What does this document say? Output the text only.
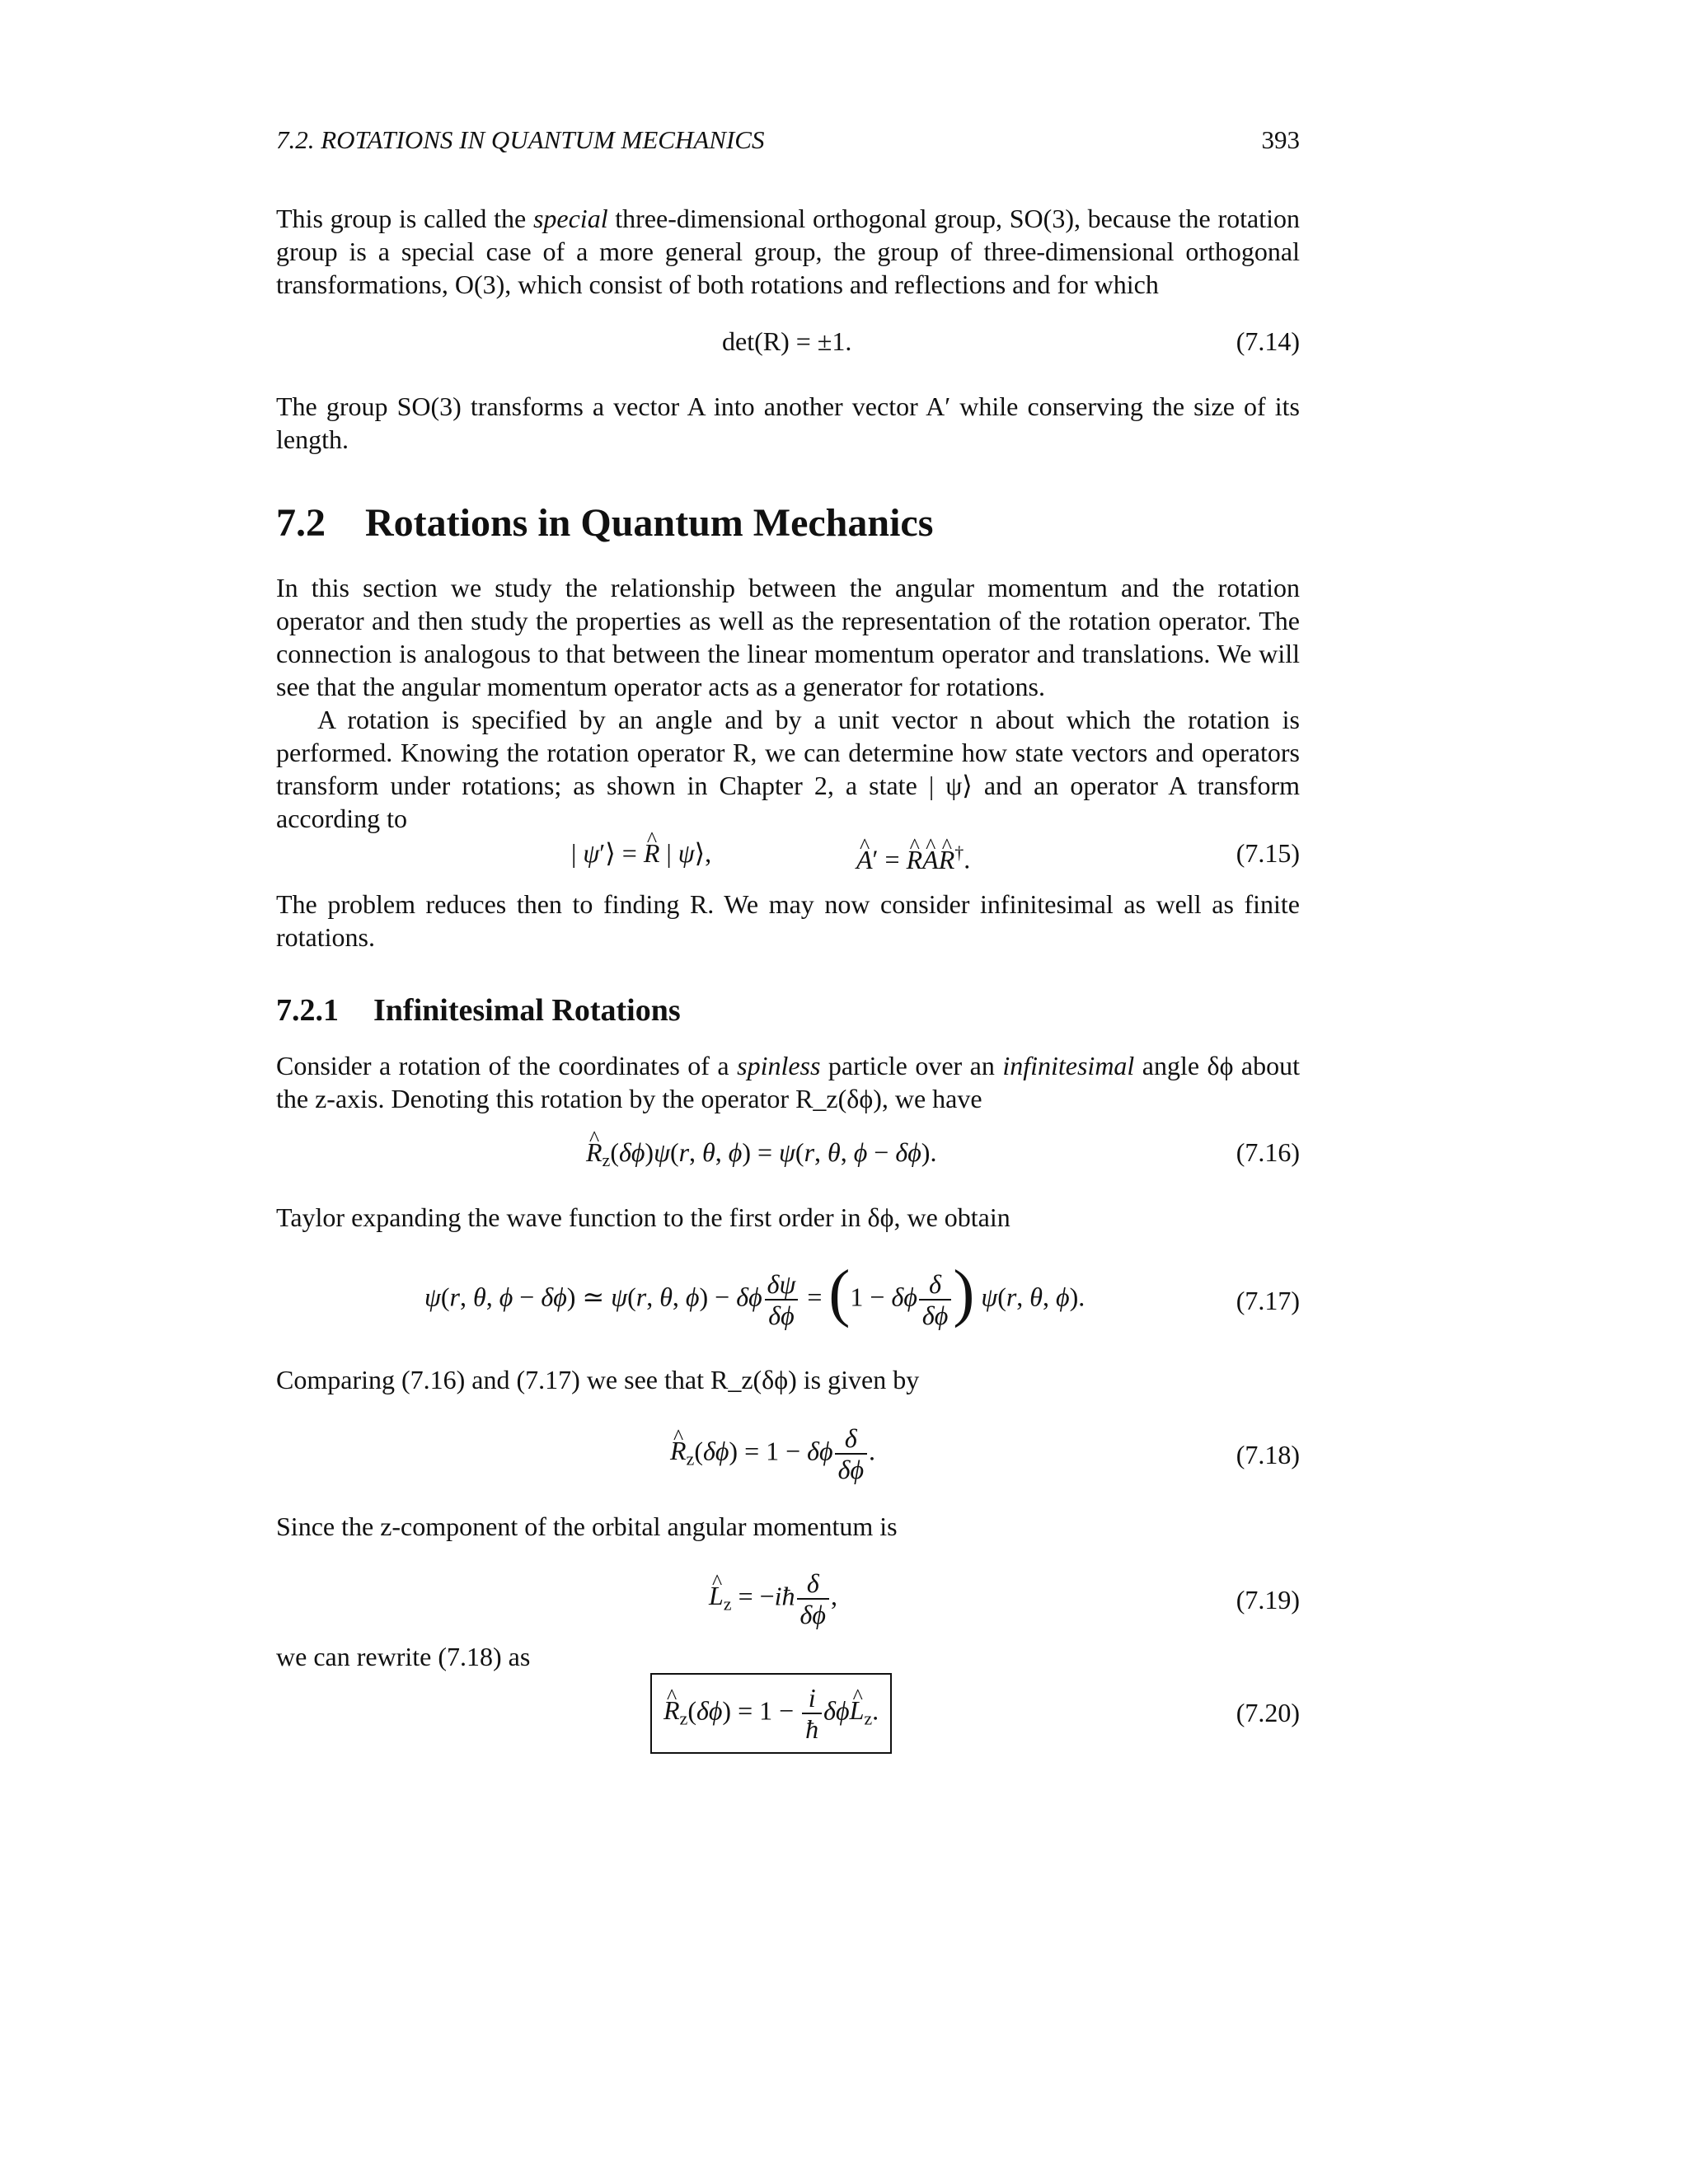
7.2. ROTATIONS IN QUANTUM MECHANICS	393
This group is called the special three-dimensional orthogonal group, SO(3), because the rotation group is a special case of a more general group, the group of three-dimensional orthogonal transformations, O(3), which consist of both rotations and reflections and for which
det(R) = ±1.	(7.14)
The group SO(3) transforms a vector A into another vector A′ while conserving the size of its length.
7.2 Rotations in Quantum Mechanics
In this section we study the relationship between the angular momentum and the rotation operator and then study the properties as well as the representation of the rotation operator. The connection is analogous to that between the linear momentum operator and translations. We will see that the angular momentum operator acts as a generator for rotations.
A rotation is specified by an angle and by a unit vector n about which the rotation is performed. Knowing the rotation operator R, we can determine how state vectors and operators transform under rotations; as shown in Chapter 2, a state | ψ⟩ and an operator A transform according to
| ψ′⟩ = ^ R | ψ⟩,
^	A′ = ^ R^ A^ R†.	(7.15)
The problem reduces then to finding R. We may now consider infinitesimal as well as finite rotations.
7.2.1 Infinitesimal Rotations
Consider a rotation of the coordinates of a spinless particle over an infinitesimal angle δϕ about the z-axis. Denoting this rotation by the operator R_z(δϕ), we have
^ $R_z(\delta\phi)\psi(r$, θ, ϕ) = ψ(r, θ, ϕ − δϕ).	(7.16)
Taylor expanding the wave function to the first order in δϕ, we obtain
ψ(r, θ, ϕ − δϕ) ≃ ψ(r, θ, ϕ) − δϕ $\frac{\delta\psi}{\delta\phi} = (1 - \delta\phi \frac{\delta}{\delta\phi}$ ) ψ(r, θ, ϕ).	(7.17)
Comparing (7.16) and (7.17) we see that R_z(δϕ) is given by
^ $R_z(\delta\phi) = 1 - \delta\phi \frac{\delta}{\delta\phi}$ .	(7.18)
Since the z-component of the orbital angular momentum is
^ $L_z$ = −iħ $\frac{\delta}{\delta\phi}$ ,	(7.19)
we can rewrite (7.18) as
^ $R_z(\delta\phi) = 1 - \frac{i}{ħ}$ δϕ^ $L_z$.	(7.20)
